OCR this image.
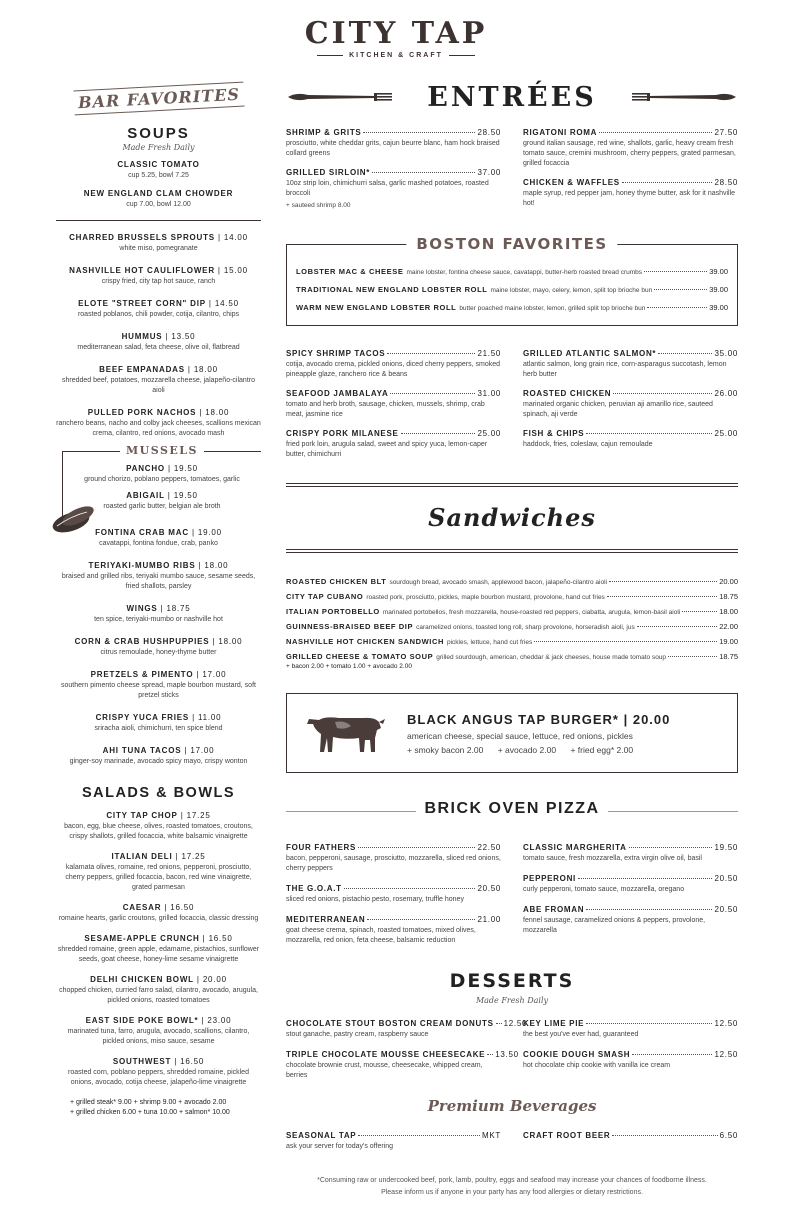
CITY TAP
KITCHEN & CRAFT
BAR FAVORITES
SOUPS
Made Fresh Daily
CLASSIC TOMATO
cup 5.25, bowl 7.25
NEW ENGLAND CLAM CHOWDER
cup 7.00, bowl 12.00
CHARRED BRUSSELS SPROUTS | 14.00
white miso, pomegranate
NASHVILLE HOT CAULIFLOWER | 15.00
crispy fried, city tap hot sauce, ranch
ELOTE "STREET CORN" DIP | 14.50
roasted poblanos, chili powder, cotija, cilantro, chips
HUMMUS | 13.50
mediterranean salad, feta cheese, olive oil, flatbread
BEEF EMPANADAS | 18.00
shredded beef, potatoes, mozzarella cheese, jalapeño-cilantro aioli
PULLED PORK NACHOS | 18.00
ranchero beans, nacho and colby jack cheeses, scallions mexican crema, cilantro, red onions, avocado mash
MUSSELS
PANCHO | 19.50
ground chorizo, poblano peppers, tomatoes, garlic
ABIGAIL | 19.50
roasted garlic butter, belgian ale broth
FONTINA CRAB MAC | 19.00
cavatappi, fontina fondue, crab, panko
TERIYAKI-MUMBO RIBS | 18.00
braised and grilled ribs, teriyaki mumbo sauce, sesame seeds, fried shallots, parsley
WINGS | 18.75
ten spice, teriyaki-mumbo or nashville hot
CORN & CRAB HUSHPUPPIES | 18.00
citrus remoulade, honey-thyme butter
PRETZELS & PIMENTO | 17.00
southern pimento cheese spread, maple bourbon mustard, soft pretzel sticks
CRISPY YUCA FRIES | 11.00
sriracha aioli, chimichurri, ten spice blend
AHI TUNA TACOS | 17.00
ginger-soy marinade, avocado spicy mayo, crispy wonton
SALADS & BOWLS
CITY TAP CHOP | 17.25
bacon, egg, blue cheese, olives, roasted tomatoes, croutons, crispy shallots, grilled focaccia, white balsamic vinaigrette
ITALIAN DELI | 17.25
kalamata olives, romaine, red onions, pepperoni, prosciutto, cherry peppers, grilled focaccia, bacon, red wine vinaigrette, grated parmesan
CAESAR | 16.50
romaine hearts, garlic croutons, grilled focaccia, classic dressing
SESAME-APPLE CRUNCH | 16.50
shredded romaine, green apple, edamame, pistachios, sunflower seeds, goat cheese, honey-lime sesame vinaigrette
DELHI CHICKEN BOWL | 20.00
chopped chicken, curried farro salad, cilantro, avocado, arugula, pickled onions, roasted tomatoes
EAST SIDE POKE BOWL* | 23.00
marinated tuna, farro, arugula, avocado, scallions, cilantro, pickled onions, miso sauce, sesame
SOUTHWEST | 16.50
roasted corn, poblano peppers, shredded romaine, pickled onions, avocado, cotija cheese, jalapeño-lime vinaigrette
+ grilled steak* 9.00 + shrimp 9.00 + avocado 2.00
+ grilled chicken 6.00 + tuna 10.00 + salmon* 10.00
ENTRÉES
SHRIMP & GRITS	28.50
prosciutto, white cheddar grits, cajun beurre blanc, ham hock braised collard greens
GRILLED SIRLOIN*	37.00
10oz strip loin, chimichurri salsa, garlic mashed potatoes, roasted broccoli
+ sauteed shrimp 8.00
RIGATONI ROMA	27.50
ground italian sausage, red wine, shallots, garlic, heavy cream fresh tomato sauce, cremini mushroom, cherry peppers, grated parmesan, grilled focaccia
CHICKEN & WAFFLES	28.50
maple syrup, red pepper jam, honey thyme butter, ask for it nashville hot!
BOSTON FAVORITES
LOBSTER MAC & CHEESE maine lobster, fontina cheese sauce, cavatappi, butter-herb roasted bread crumbs	39.00
TRADITIONAL NEW ENGLAND LOBSTER ROLL maine lobster, mayo, celery, lemon, split top brioche bun	39.00
WARM NEW ENGLAND LOBSTER ROLL butter poached maine lobster, lemon, grilled split top brioche bun	39.00
SPICY SHRIMP TACOS	21.50
cotija, avocado crema, pickled onions, diced cherry peppers, smoked pineapple glaze, ranchero rice & beans
SEAFOOD JAMBALAYA	31.00
tomato and herb broth, sausage, chicken, mussels, shrimp, crab meat, jasmine rice
CRISPY PORK MILANESE	25.00
fried pork loin, arugula salad, sweet and spicy yuca, lemon-caper butter, chimichurri
GRILLED ATLANTIC SALMON*	35.00
atlantic salmon, long grain rice, corn-asparagus succotash, lemon herb butter
ROASTED CHICKEN	26.00
marinated organic chicken, peruvian aji amarillo rice, sauteed spinach, aji verde
FISH & CHIPS	25.00
haddock, fries, coleslaw, cajun remoulade
Sandwiches
ROASTED CHICKEN BLT sourdough bread, avocado smash, applewood bacon, jalapeño-cilantro aioli	20.00
CITY TAP CUBANO roasted pork, prosciutto, pickles, maple bourbon mustard, provolone, hand cut fries	18.75
ITALIAN PORTOBELLO marinated portobellos, fresh mozzarella, house-roasted red peppers, ciabatta, arugula, lemon-basil aioli	18.00
GUINNESS-BRAISED BEEF DIP caramelized onions, toasted long roll, sharp provolone, horseradish aioli, jus	22.00
NASHVILLE HOT CHICKEN SANDWICH pickles, lettuce, hand cut fries	19.00
GRILLED CHEESE & TOMATO SOUP grilled sourdough, american, cheddar & jack cheeses, house made tomato soup	18.75
+ bacon 2.00 + tomato 1.00 + avocado 2.00
BLACK ANGUS TAP BURGER* | 20.00
american cheese, special sauce, lettuce, red onions, pickles
+ smoky bacon 2.00 + avocado 2.00 + fried egg* 2.00
BRICK OVEN PIZZA
FOUR FATHERS	22.50
bacon, pepperoni, sausage, prosciutto, mozzarella, sliced red onions, cherry peppers
THE G.O.A.T	20.50
sliced red onions, pistachio pesto, rosemary, truffle honey
MEDITERRANEAN	21.00
goat cheese crema, spinach, roasted tomatoes, mixed olives, mozzarella, red onion, feta cheese, balsamic reduction
CLASSIC MARGHERITA	19.50
tomato sauce, fresh mozzarella, extra virgin olive oil, basil
PEPPERONI	20.50
curly pepperoni, tomato sauce, mozzarella, oregano
ABE FROMAN	20.50
fennel sausage, caramelized onions & peppers, provolone, mozzarella
DESSERTS
Made Fresh Daily
CHOCOLATE STOUT BOSTON CREAM DONUTS 12.50
stout ganache, pastry cream, raspberry sauce
TRIPLE CHOCOLATE MOUSSE CHEESECAKE 13.50
chocolate brownie crust, mousse, cheesecake, whipped cream, berries
KEY LIME PIE	12.50
the best you've ever had, guaranteed
COOKIE DOUGH SMASH	12.50
hot chocolate chip cookie with vanilla ice cream
Premium Beverages
SEASONAL TAP	MKT
ask your server for today's offering
CRAFT ROOT BEER	6.50
*Consuming raw or undercooked beef, pork, lamb, poultry, eggs and seafood may increase your chances of foodborne illness.
Please inform us if anyone in your party has any food allergies or dietary restrictions.
